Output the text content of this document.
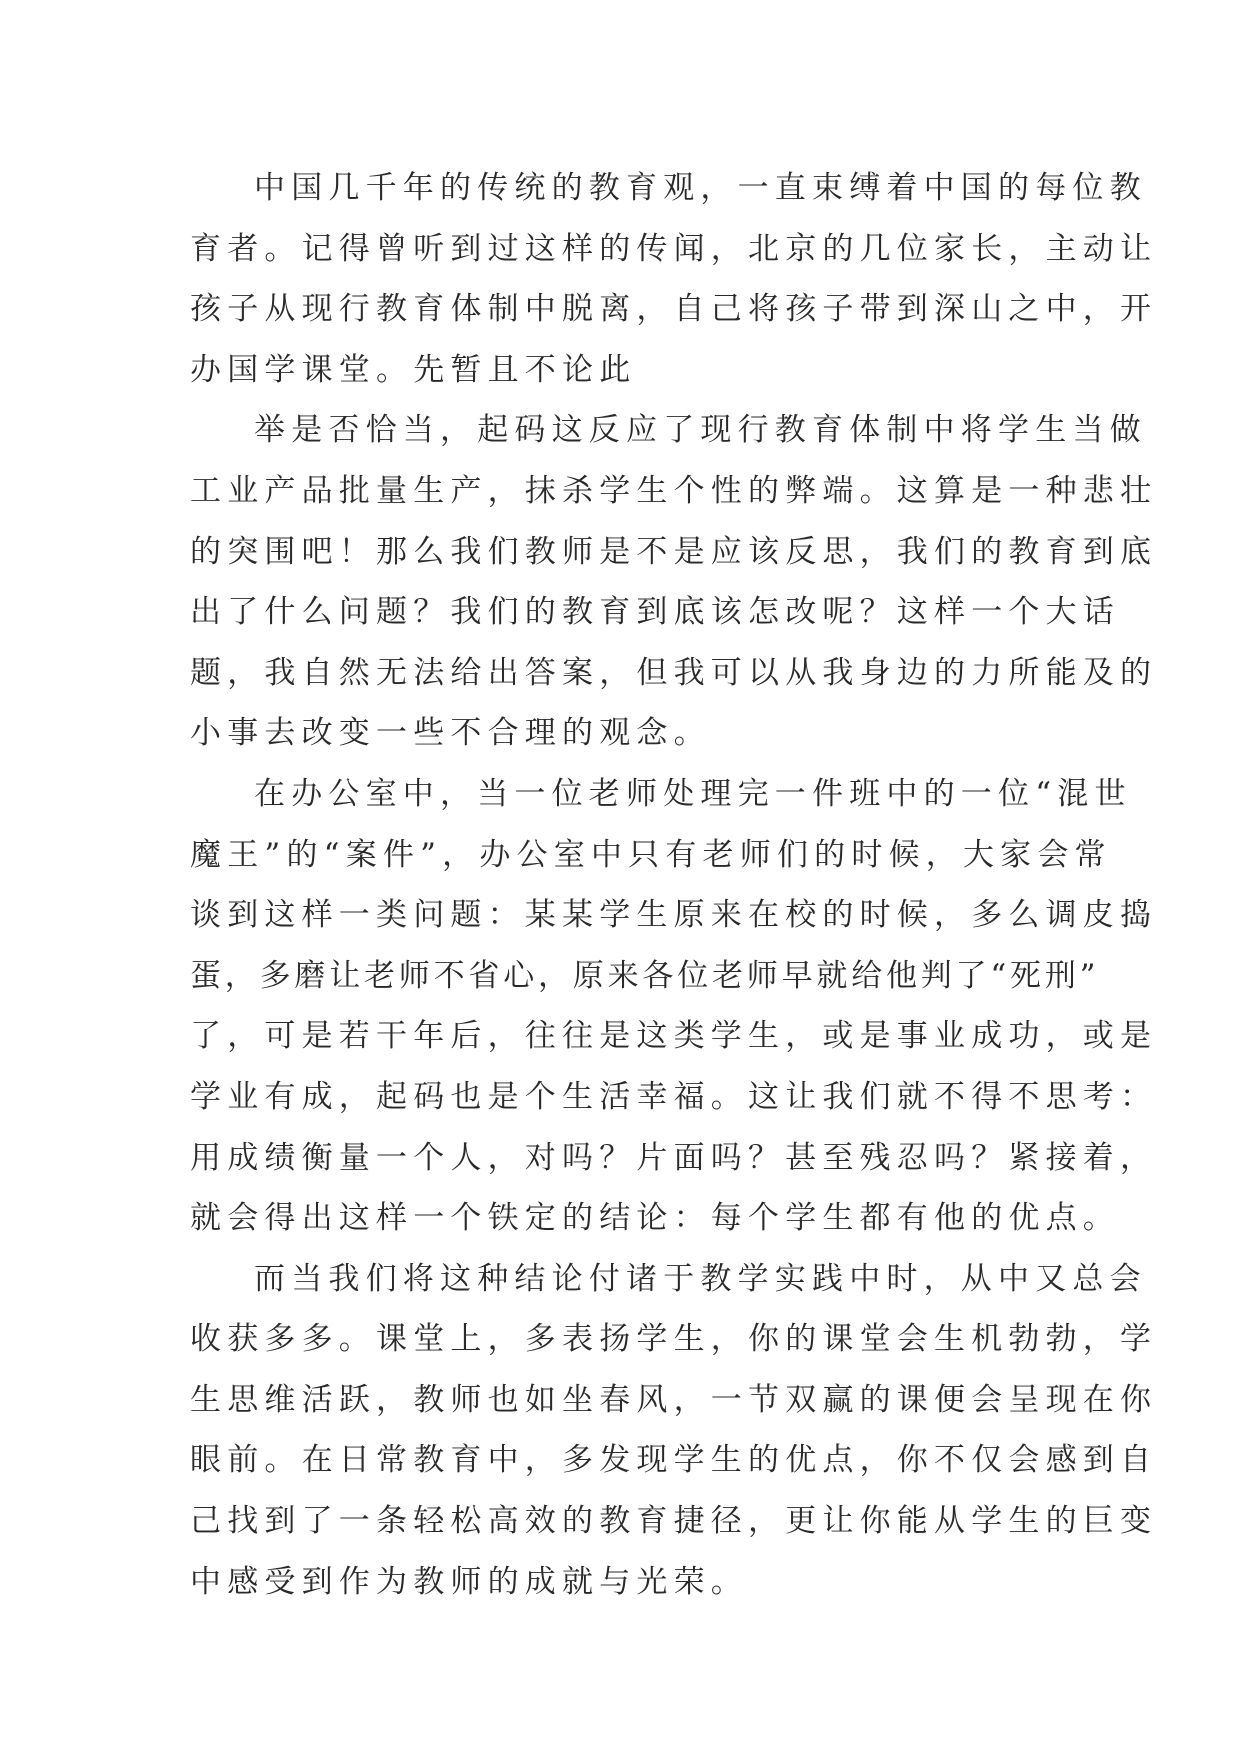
中国几千年的传统的教育观，一直束缚着中国的每位教
育者。记得曾听到过这样的传闻，北京的几位家长，主动让
孩子从现行教育体制中脱离，自己将孩子带到深山之中，开
办国学课堂。先暂且不论此
举是否恰当，起码这反应了现行教育体制中将学生当做
工业产品批量生产，抹杀学生个性的弊端。这算是一种悲壮
的突围吧！那么我们教师是不是应该反思，我们的教育到底
出了什么问题？我们的教育到底该怎改呢？这样一个大话
题，我自然无法给出答案，但我可以从我身边的力所能及的
小事去改变一些不合理的观念。
在办公室中，当一位老师处理完一件班中的一位“混世
魔王”的“案件”，办公室中只有老师们的时候，大家会常
谈到这样一类问题：某某学生原来在校的时候，多么调皮捣
蛋，多磨让老师不省心，原来各位老师早就给他判了“死刑”
了，可是若干年后，往往是这类学生，或是事业成功，或是
学业有成，起码也是个生活幸福。这让我们就不得不思考：
用成绩衡量一个人，对吗？片面吗？甚至残忍吗？紧接着，
就会得出这样一个铁定的结论：每个学生都有他的优点。
而当我们将这种结论付诸于教学实践中时，从中又总会
收获多多。课堂上，多表扬学生，你的课堂会生机勃勃，学
生思维活跃，教师也如坐春风，一节双赢的课便会呈现在你
眼前。在日常教育中，多发现学生的优点，你不仅会感到自
己找到了一条轻松高效的教育捷径，更让你能从学生的巨变
中感受到作为教师的成就与光荣。
